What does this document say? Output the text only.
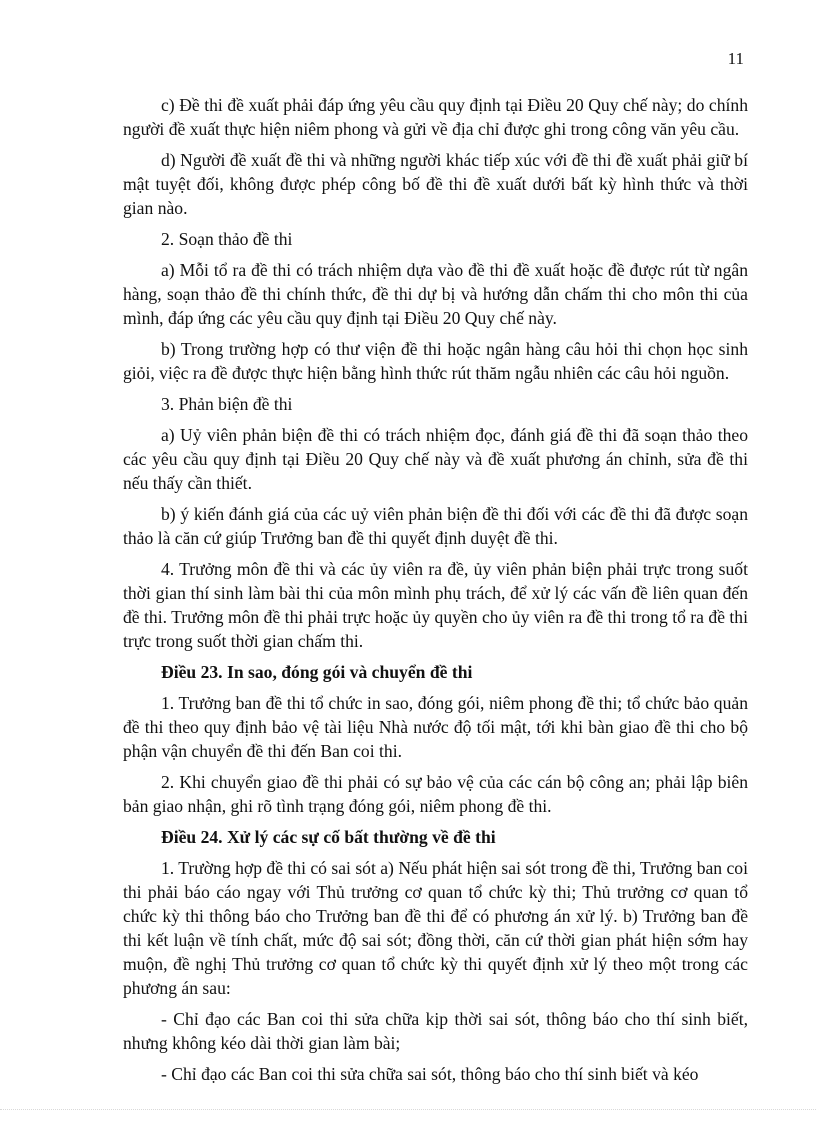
11

c) Đề thi đề xuất phải đáp ứng yêu cầu quy định tại Điều 20 Quy chế này; do chính người đề xuất thực hiện niêm phong và gửi về địa chỉ được ghi trong công văn yêu cầu.

d) Người đề xuất đề thi và những người khác tiếp xúc với đề thi đề xuất phải giữ bí mật tuyệt đối, không được phép công bố đề thi đề xuất dưới bất kỳ hình thức và thời gian nào.

2. Soạn thảo đề thi

a) Mỗi tổ ra đề thi có trách nhiệm dựa vào đề thi đề xuất hoặc đề được rút từ ngân hàng, soạn thảo đề thi chính thức, đề thi dự bị và hướng dẫn chấm thi cho môn thi của mình, đáp ứng các yêu cầu quy định tại Điều 20 Quy chế này.

b) Trong trường hợp có thư viện đề thi hoặc ngân hàng câu hỏi thi chọn học sinh giỏi, việc ra đề được thực hiện bằng hình thức rút thăm ngẫu nhiên các câu hỏi nguồn.

3. Phản biện đề thi

a) Uỷ viên phản biện đề thi có trách nhiệm đọc, đánh giá đề thi đã soạn thảo theo các yêu cầu quy định tại Điều 20 Quy chế này và đề xuất phương án chỉnh, sửa đề thi nếu thấy cần thiết.

b) ý kiến đánh giá của các uỷ viên phản biện đề thi đối với các đề thi đã được soạn thảo là căn cứ giúp Trưởng ban đề thi quyết định duyệt đề thi.

4. Trưởng môn đề thi và các ủy viên ra đề, ủy viên phản biện phải trực trong suốt thời gian thí sinh làm bài thi của môn mình phụ trách, để xử lý các vấn đề liên quan đến đề thi. Trưởng môn đề thi phải trực hoặc ủy quyền cho ủy viên ra đề thi trong tổ ra đề thi trực trong suốt thời gian chấm thi.

Điều 23. In sao, đóng gói và chuyển đề thi

1. Trưởng ban đề thi tổ chức in sao, đóng gói, niêm phong đề thi; tổ chức bảo quản đề thi theo quy định bảo vệ tài liệu Nhà nước độ tối mật, tới khi bàn giao đề thi cho bộ phận vận chuyển đề thi đến Ban coi thi.

2. Khi chuyển giao đề thi phải có sự bảo vệ của các cán bộ công an; phải lập biên bản giao nhận, ghi rõ tình trạng đóng gói, niêm phong đề thi.

Điều 24. Xử lý các sự cố bất thường về đề thi

1. Trường hợp đề thi có sai sót a) Nếu phát hiện sai sót trong đề thi, Trưởng ban coi thi phải báo cáo ngay với Thủ trưởng cơ quan tổ chức kỳ thi; Thủ trưởng cơ quan tổ chức kỳ thi thông báo cho Trưởng ban đề thi để có phương án xử lý. b) Trưởng ban đề thi kết luận về tính chất, mức độ sai sót; đồng thời, căn cứ thời gian phát hiện sớm hay muộn, đề nghị Thủ trưởng cơ quan tổ chức kỳ thi quyết định xử lý theo một trong các phương án sau:

- Chỉ đạo các Ban coi thi sửa chữa kịp thời sai sót, thông báo cho thí sinh biết, nhưng không kéo dài thời gian làm bài;

- Chỉ đạo các Ban coi thi sửa chữa sai sót, thông báo cho thí sinh biết và kéo
